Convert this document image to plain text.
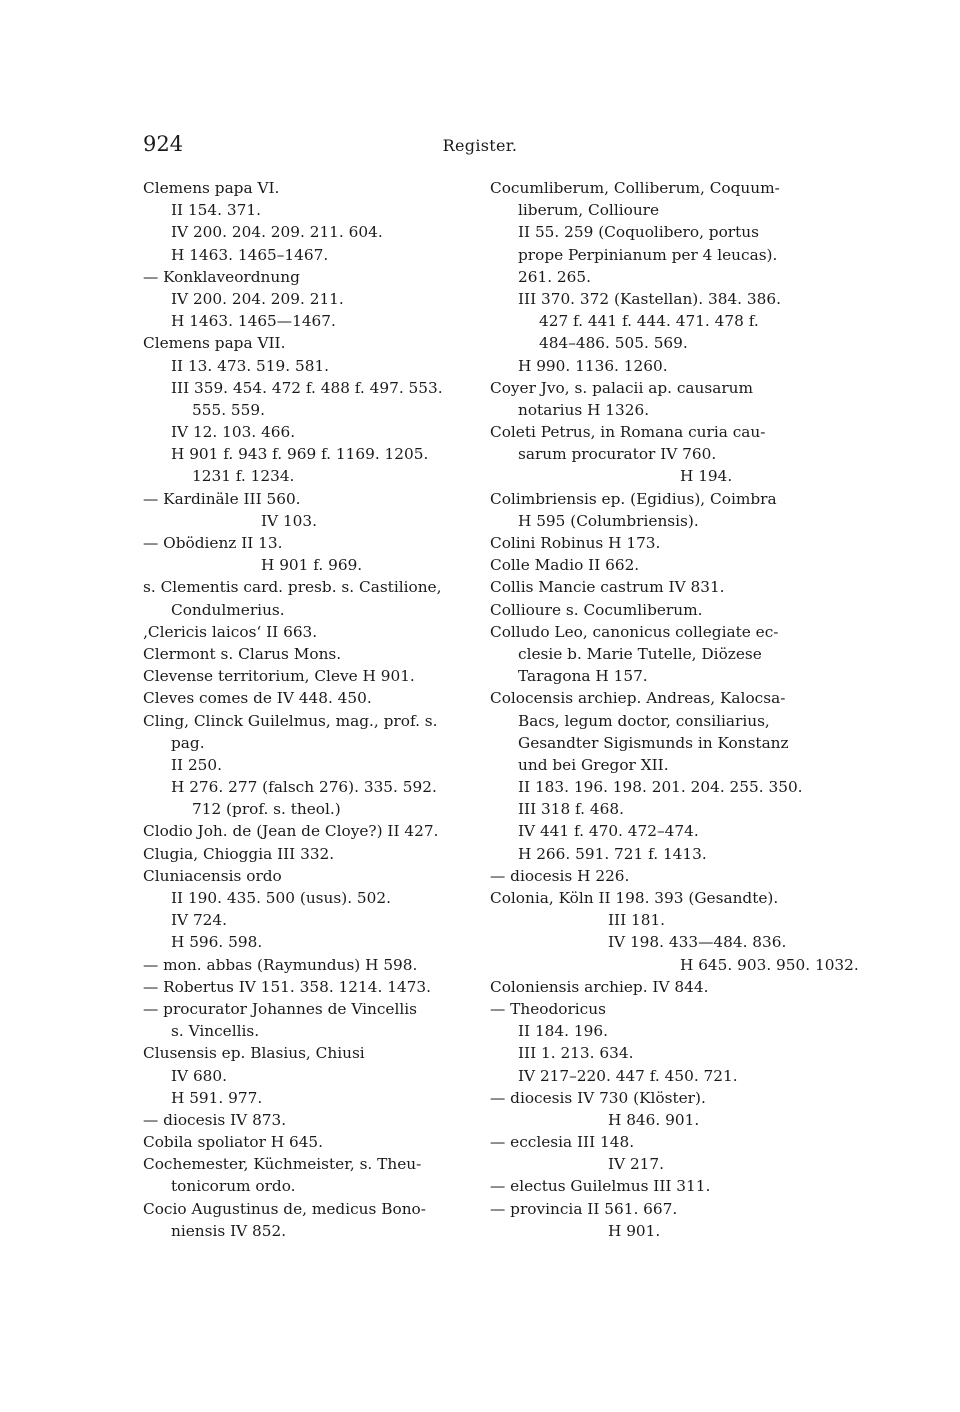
924	Register.
Clemens papa VI.
II 154. 371.
IV 200. 204. 209. 211. 604.
H 1463. 1465–1467.
— Konklaveordnung
IV 200. 204. 209. 211.
H 1463. 1465—1467.
Clemens papa VII.
II 13. 473. 519. 581.
III 359. 454. 472 f. 488 f. 497. 553.
555. 559.
IV 12. 103. 466.
H 901 f. 943 f. 969 f. 1169. 1205.
1231 f. 1234.
— Kardinäle III 560.
IV 103.
— Obödienz II 13.
H 901 f. 969.
s. Clementis card. presb. s. Castilione,
Condulmerius.
‚Clericis laicos‘ II 663.
Clermont s. Clarus Mons.
Clevense territorium, Cleve H 901.
Cleves comes de IV 448. 450.
Cling, Clinck Guilelmus, mag., prof. s.
pag.
II 250.
H 276. 277 (falsch 276). 335. 592.
712 (prof. s. theol.)
Clodio Joh. de (Jean de Cloye?) II 427.
Clugia, Chioggia III 332.
Cluniacensis ordo
II 190. 435. 500 (usus). 502.
IV 724.
H 596. 598.
— mon. abbas (Raymundus) H 598.
— Robertus IV 151. 358. 1214. 1473.
— procurator Johannes de Vincellis
s. Vincellis.
Clusensis ep. Blasius, Chiusi
IV 680.
H 591. 977.
— diocesis IV 873.
Cobila spoliator H 645.
Cochemester, Küchmeister, s. Theu-
tonicorum ordo.
Cocio Augustinus de, medicus Bono-
niensis IV 852.
Cocumliberum, Colliberum, Coquum-
liberum, Collioure
II 55. 259 (Coquolibero, portus
prope Perpinianum per 4 leucas).
261. 265.
III 370. 372 (Kastellan). 384. 386.
427 f. 441 f. 444. 471. 478 f.
484–486. 505. 569.
H 990. 1136. 1260.
Coyer Jvo, s. palacii ap. causarum
notarius H 1326.
Coleti Petrus, in Romana curia cau-
sarum procurator IV 760.
H 194.
Colimbriensis ep. (Egidius), Coimbra
H 595 (Columbriensis).
Colini Robinus H 173.
Colle Madio II 662.
Collis Mancie castrum IV 831.
Collioure s. Cocumliberum.
Colludo Leo, canonicus collegiate ec-
clesie b. Marie Tutelle, Diözese
Taragona H 157.
Colocensis archiep. Andreas, Kalocsa-
Bacs, legum doctor, consiliarius,
Gesandter Sigismunds in Konstanz
und bei Gregor XII.
II 183. 196. 198. 201. 204. 255. 350.
III 318 f. 468.
IV 441 f. 470. 472–474.
H 266. 591. 721 f. 1413.
— diocesis H 226.
Colonia, Köln II 198. 393 (Gesandte).
III 181.
IV 198. 433—484. 836.
H 645. 903. 950. 1032.
Coloniensis archiep. IV 844.
— Theodoricus
II 184. 196.
III 1. 213. 634.
IV 217–220. 447 f. 450. 721.
— diocesis IV 730 (Klöster).
H 846. 901.
— ecclesia III 148.
IV 217.
— electus Guilelmus III 311.
— provincia II 561. 667.
H 901.
